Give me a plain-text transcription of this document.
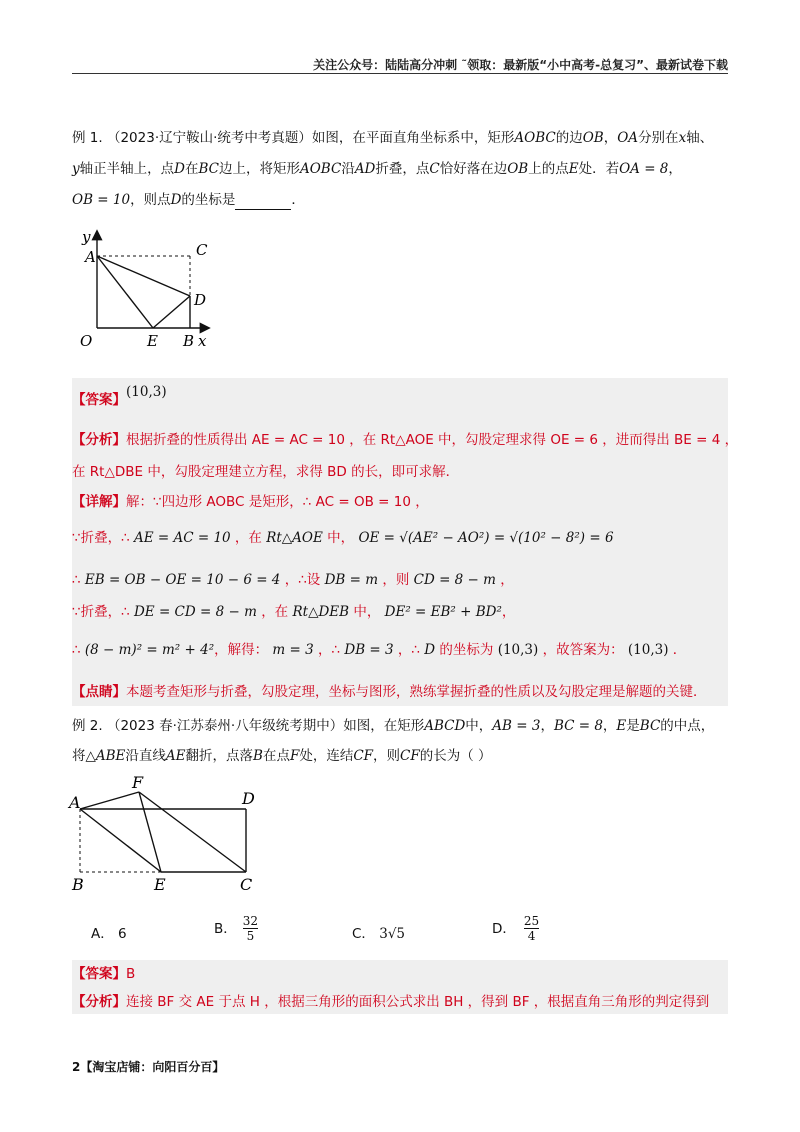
关注公众号：陆陆高分冲刺 ˜领取：最新版“小中高考-总复习”、最新试卷下载
例 1. （2023·辽宁鞍山·统考中考真题）如图，在平面直角坐标系中，矩形AOBC的边OB，OA分别在x轴、
y轴正半轴上，点D在BC边上，将矩形AOBC沿AD折叠，点C恰好落在边OB上的点E处．若OA = 8，
OB = 10，则点D的坐标是	．
y
A	C
D
O	E B x
【答案】(10,3)
【分析】根据折叠的性质得出 AE = AC = 10 ，在 Rt△AOE 中，勾股定理求得 OE = 6 ，进而得出 BE = 4 ，
在 Rt△DBE 中，勾股定理建立方程，求得 BD 的长，即可求解．
【详解】解：∵四边形 AOBC 是矩形，∴ AC = OB = 10 ，
∵折叠，∴ AE = AC = 10 ，在 Rt△AOE 中， OE = √(AE² − AO²) = √(10² − 8²) = 6
∴ EB = OB − OE = 10 − 6 = 4 ，∴设 DB = m ，则 CD = 8 − m ，
∵折叠，∴ DE = CD = 8 − m ，在 Rt△DEB 中， DE² = EB² + BD²，
∴ (8 − m)² = m² + 4²，解得： m = 3 ，∴ DB = 3 ，∴ D 的坐标为 (10,3) ，故答案为： (10,3) ．
【点睛】本题考查矩形与折叠，勾股定理，坐标与图形，熟练掌握折叠的性质以及勾股定理是解题的关键．
例 2. （2023 春·江苏泰州·八年级统考期中）如图，在矩形ABCD中，AB = 3，BC = 8，E是BC的中点，
将△ABE沿直线AE翻折，点落B在点F处，连结CF，则CF的长为（ ）
F
A	D
B	E	C
A． 6	B． $\frac{32}{5}$	C． 3√5	D． $\frac{25}{4}$
【答案】B
【分析】连接 BF 交 AE 于点 H ，根据三角形的面积公式求出 BH ，得到 BF ，根据直角三角形的判定得到
2【淘宝店铺：向阳百分百】
